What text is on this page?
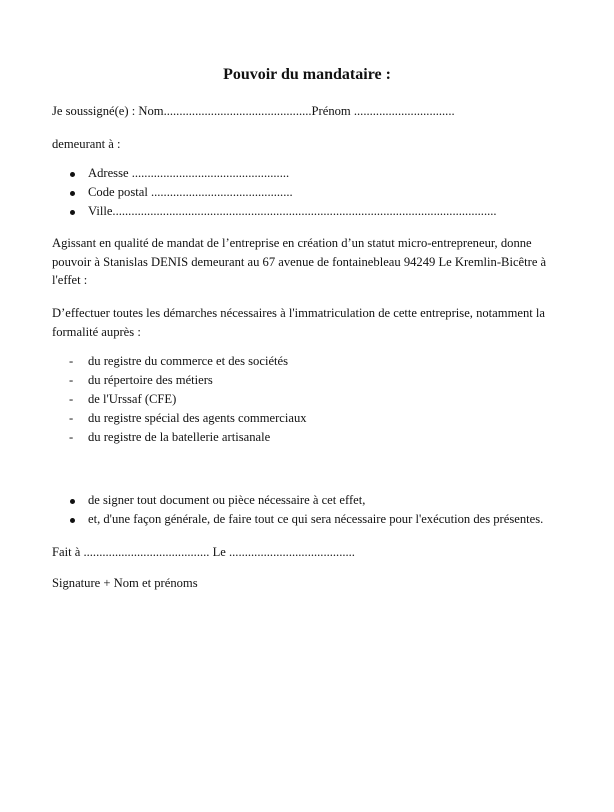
Pouvoir du mandataire :

Je soussigné(e) : Nom...............................................Prénom ................................

demeurant à :

Adresse ..................................................
Code postal .............................................
Ville..........................................................................................................................

Agissant en qualité de mandat de l’entreprise en création d’un statut micro-entrepreneur, donne pouvoir à Stanislas DENIS demeurant au 67 avenue de fontainebleau 94249 Le Kremlin-Bicêtre à l'effet :

D’effectuer toutes les démarches nécessaires à l'immatriculation de cette entreprise, notamment la formalité auprès :

- du registre du commerce et des sociétés
- du répertoire des métiers
- de l'Urssaf (CFE)
- du registre spécial des agents commerciaux
- du registre de la batellerie artisanale
de signer tout document ou pièce nécessaire à cet effet,
et, d'une façon générale, de faire tout ce qui sera nécessaire pour l'exécution des présentes.

Fait à ........................................ Le ........................................

Signature + Nom et prénoms
